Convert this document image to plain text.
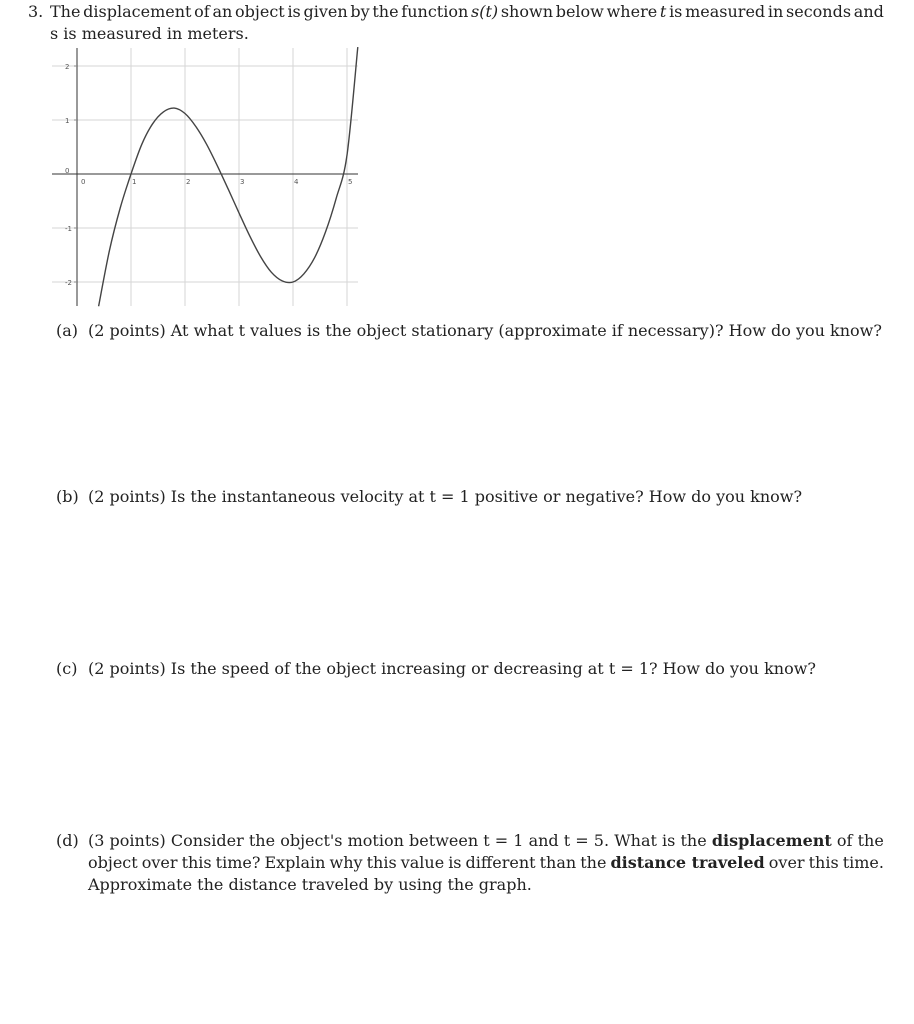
3. The displacement of an object is given by the function s(t) shown below where t is measured in seconds and
s is measured in meters.
0	1	2	3	4	5
2
1
0
-1
-2
(a) (2 points) At what t values is the object stationary (approximate if necessary)? How do you know?
(b) (2 points) Is the instantaneous velocity at t = 1 positive or negative? How do you know?
(c) (2 points) Is the speed of the object increasing or decreasing at t = 1? How do you know?
(d) (3 points) Consider the object's motion between t = 1 and t = 5. What is the displacement of the
object over this time? Explain why this value is different than the distance traveled over this time.
Approximate the distance traveled by using the graph.
